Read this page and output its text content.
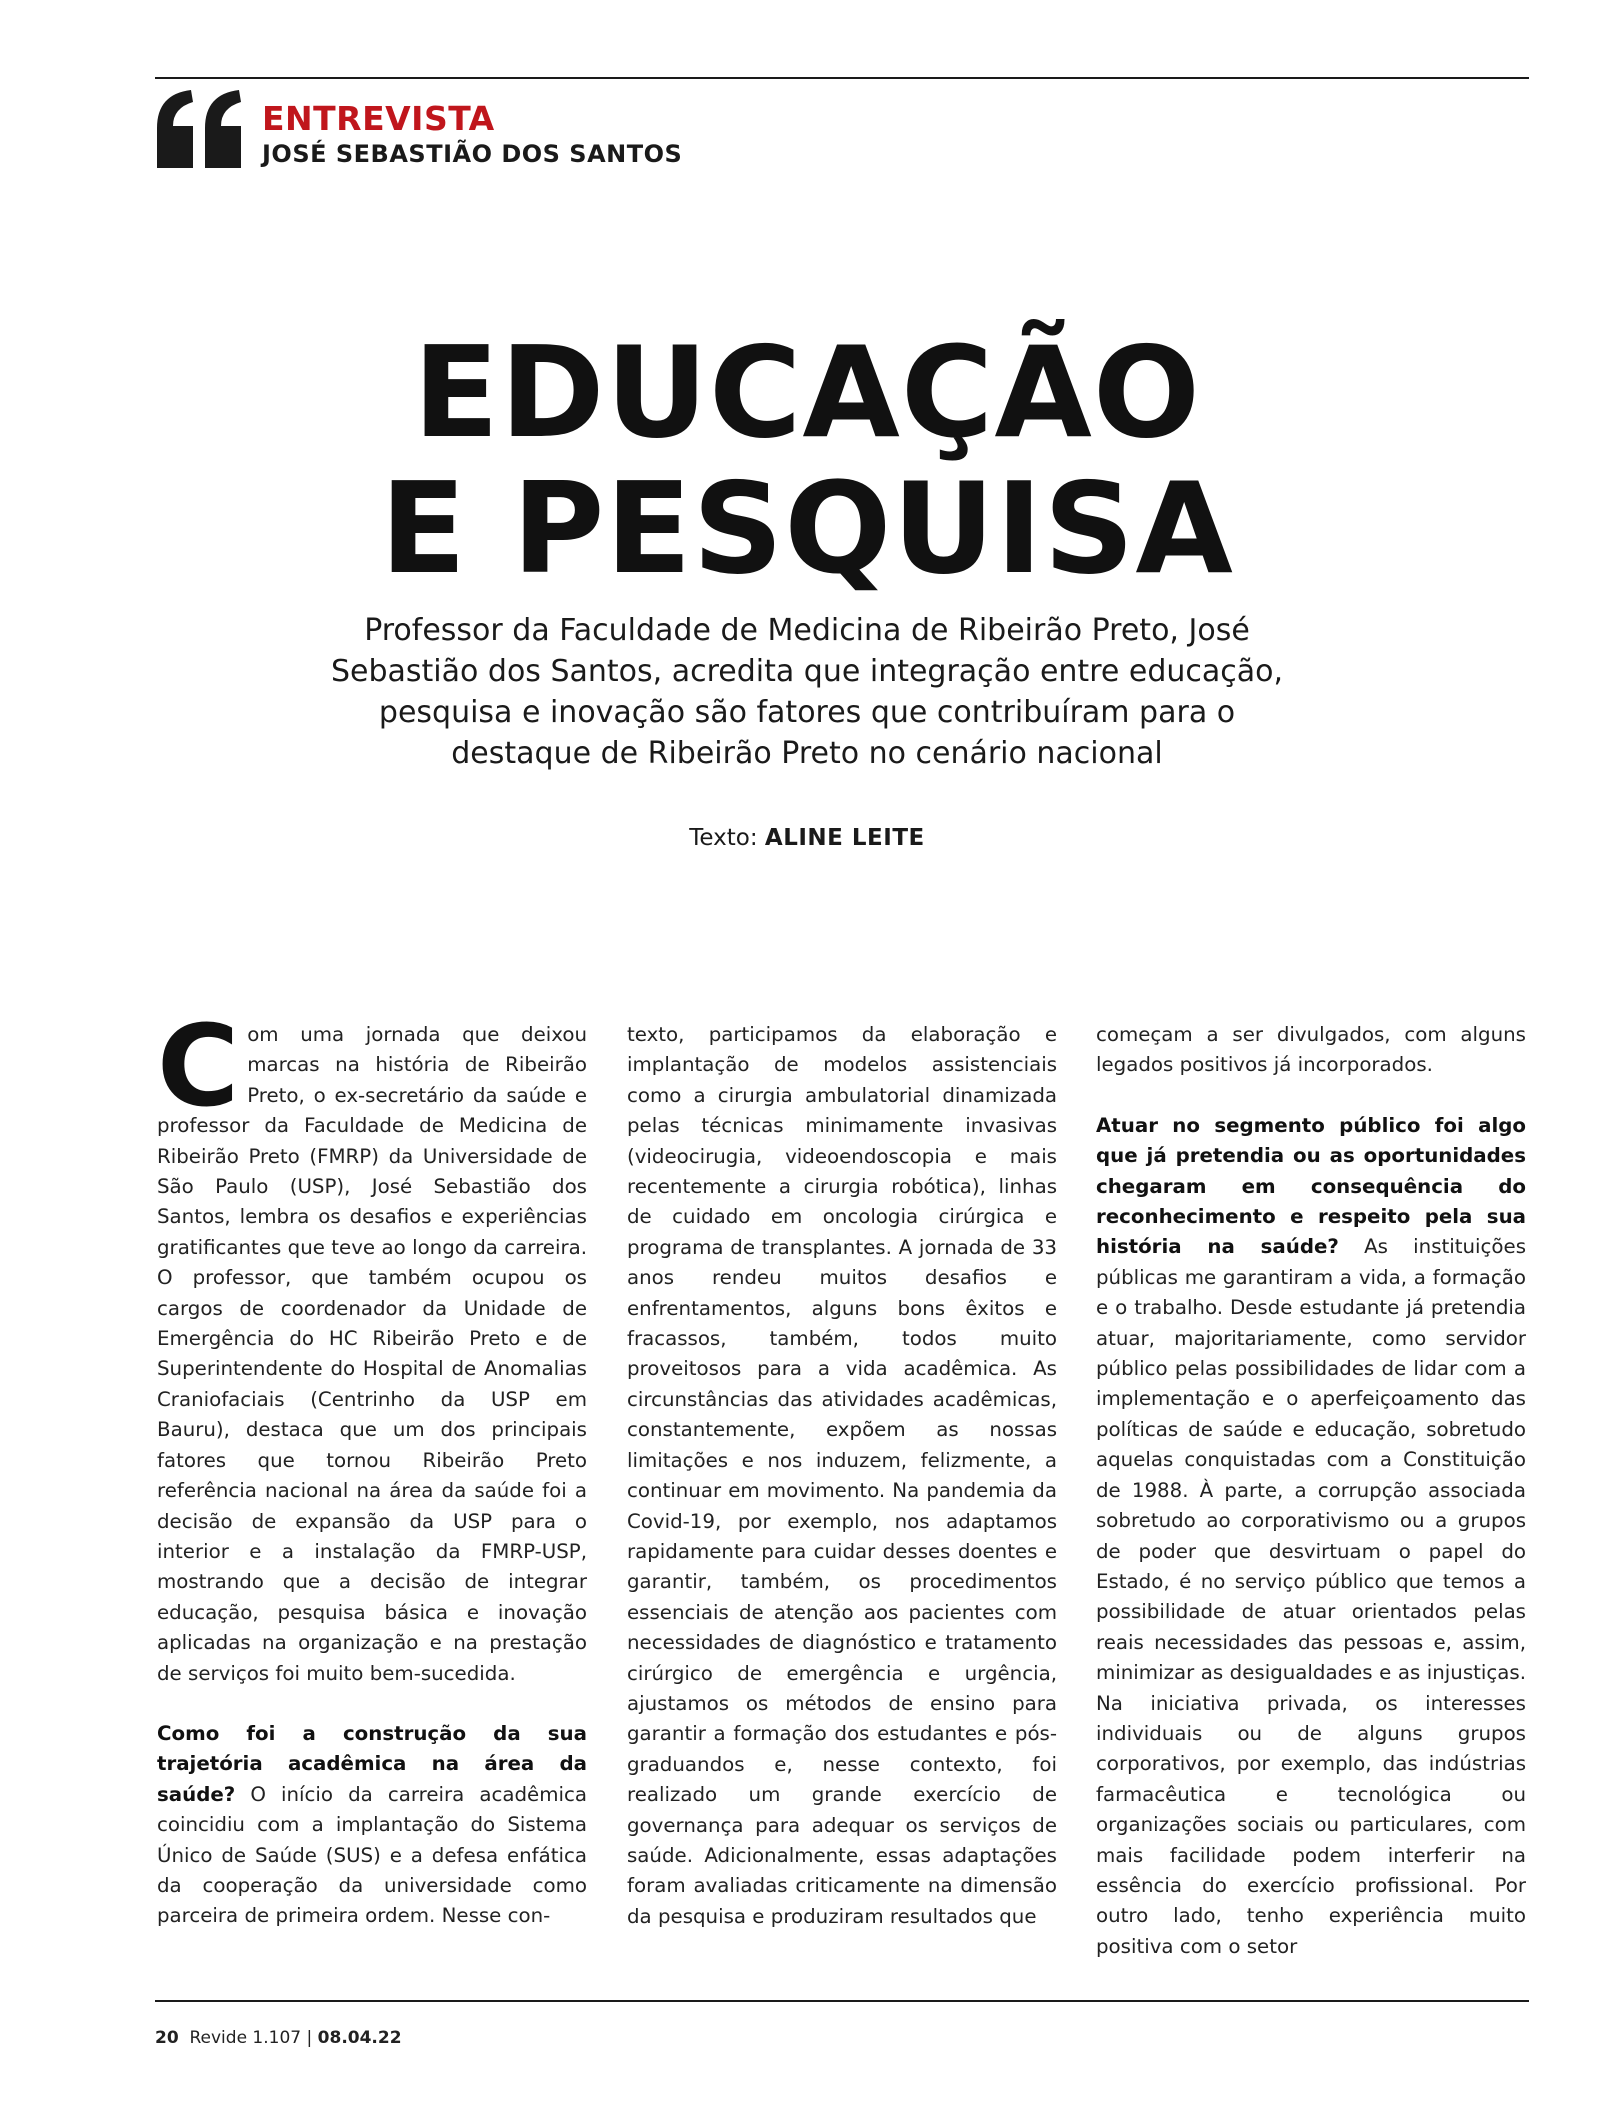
ENTREVISTA
JOSÉ SEBASTIÃO DOS SANTOS
EDUCAÇÃO
E PESQUISA
Professor da Faculdade de Medicina de Ribeirão Preto, José Sebastião dos Santos, acredita que integração entre educação, pesquisa e inovação são fatores que contribuíram para o destaque de Ribeirão Preto no cenário nacional
Texto: ALINE LEITE

Com uma jornada que deixou marcas na história de Ribeirão Preto, o ex-secretário da saúde e professor da Faculdade de Medicina de Ribeirão Preto (FMRP) da Universidade de São Paulo (USP), José Sebastião dos Santos, lembra os desafios e experiências gratificantes que teve ao longo da carreira. O professor, que também ocupou os cargos de coordenador da Unidade de Emergência do HC Ribeirão Preto e de Superintendente do Hospital de Anomalias Craniofaciais (Centrinho da USP em Bauru), destaca que um dos principais fatores que tornou Ribeirão Preto referência nacional na área da saúde foi a decisão de expansão da USP para o interior e a instalação da FMRP-USP, mostrando que a decisão de integrar educação, pesquisa básica e inovação aplicadas na organização e na prestação de serviços foi muito bem-sucedida.

Como foi a construção da sua trajetória acadêmica na área da saúde? O início da carreira acadêmica coincidiu com a implantação do Sistema Único de Saúde (SUS) e a defesa enfática da cooperação da universidade como parceira de primeira ordem. Nesse con-

texto, participamos da elaboração e implantação de modelos assistenciais como a cirurgia ambulatorial dinamizada pelas técnicas minimamente invasivas (videocirugia, videoendoscopia e mais recentemente a cirurgia robótica), linhas de cuidado em oncologia cirúrgica e programa de transplantes. A jornada de 33 anos rendeu muitos desafios e enfrentamentos, alguns bons êxitos e fracassos, também, todos muito proveitosos para a vida acadêmica. As circunstâncias das atividades acadêmicas, constantemente, expõem as nossas limitações e nos induzem, felizmente, a continuar em movimento. Na pandemia da Covid-19, por exemplo, nos adaptamos rapidamente para cuidar desses doentes e garantir, também, os procedimentos essenciais de atenção aos pacientes com necessidades de diagnóstico e tratamento cirúrgico de emergência e urgência, ajustamos os métodos de ensino para garantir a formação dos estudantes e pós-graduandos e, nesse contexto, foi realizado um grande exercício de governança para adequar os serviços de saúde. Adicionalmente, essas adaptações foram avaliadas criticamente na dimensão da pesquisa e produziram resultados que

começam a ser divulgados, com alguns legados positivos já incorporados.

Atuar no segmento público foi algo que já pretendia ou as oportunidades chegaram em consequência do reconhecimento e respeito pela sua história na saúde? As instituições públicas me garantiram a vida, a formação e o trabalho. Desde estudante já pretendia atuar, majoritariamente, como servidor público pelas possibilidades de lidar com a implementação e o aperfeiçoamento das políticas de saúde e educação, sobretudo aquelas conquistadas com a Constituição de 1988. À parte, a corrupção associada sobretudo ao corporativismo ou a grupos de poder que desvirtuam o papel do Estado, é no serviço público que temos a possibilidade de atuar orientados pelas reais necessidades das pessoas e, assim, minimizar as desigualdades e as injustiças. Na iniciativa privada, os interesses individuais ou de alguns grupos corporativos, por exemplo, das indústrias farmacêutica e tecnológica ou organizações sociais ou particulares, com mais facilidade podem interferir na essência do exercício profissional. Por outro lado, tenho experiência muito positiva com o setor

20 Revide 1.107 | 08.04.22
